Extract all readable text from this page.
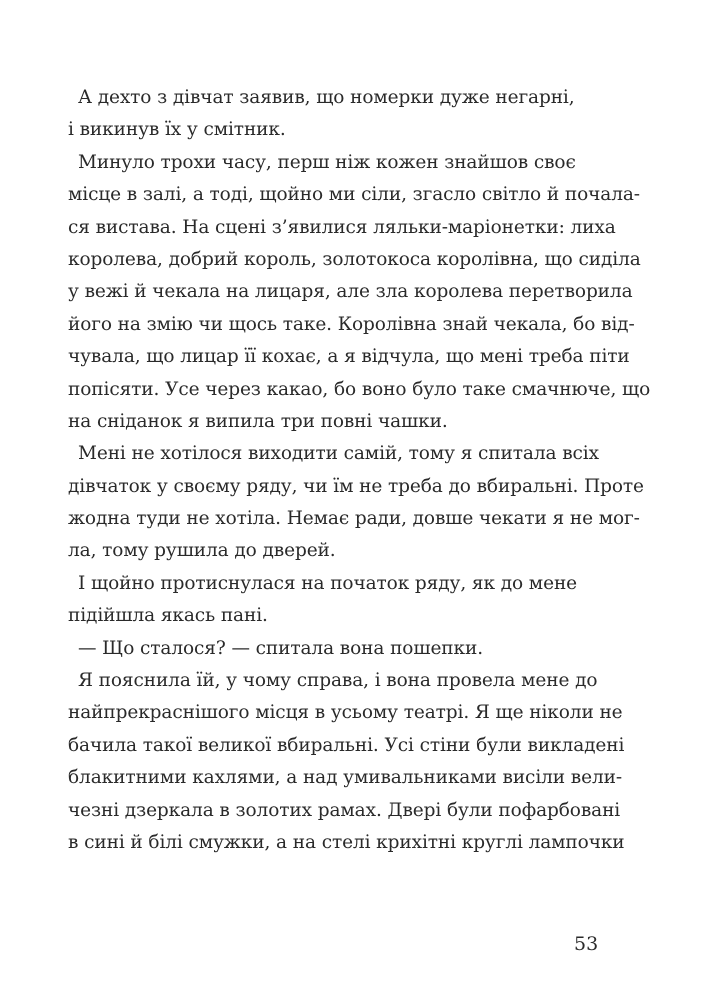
А дехто з дівчат заявив, що номерки дуже негарні,
і викинув їх у смітник.
Минуло трохи часу, перш ніж кожен знайшов своє
місце в залі, а тоді, щойно ми сіли, згасло світло й почала-
ся вистава. На сцені з’явилися ляльки-маріонетки: лиха
королева, добрий король, золотокоса королівна, що сиділа
у вежі й чекала на лицаря, але зла королева перетворила
його на змію чи щось таке. Королівна знай чекала, бо від-
чувала, що лицар її кохає, а я відчула, що мені треба піти
попісяти. Усе через какао, бо воно було таке смачнюче, що
на сніданок я випила три повні чашки.
Мені не хотілося виходити самій, тому я спитала всіх
дівчаток у своєму ряду, чи їм не треба до вбиральні. Проте
жодна туди не хотіла. Немає ради, довше чекати я не мог-
ла, тому рушила до дверей.
І щойно протиснулася на початок ряду, як до мене
підійшла якась пані.
— Що сталося? — спитала вона пошепки.
Я пояснила їй, у чому справа, і вона провела мене до
найпрекраснішого місця в усьому театрі. Я ще ніколи не
бачила такої великої вбиральні. Усі стіни були викладені
блакитними кахлями, а над умивальниками висіли вели-
чезні дзеркала в золотих рамах. Двері були пофарбовані
в сині й білі смужки, а на стелі крихітні круглі лампочки
53
